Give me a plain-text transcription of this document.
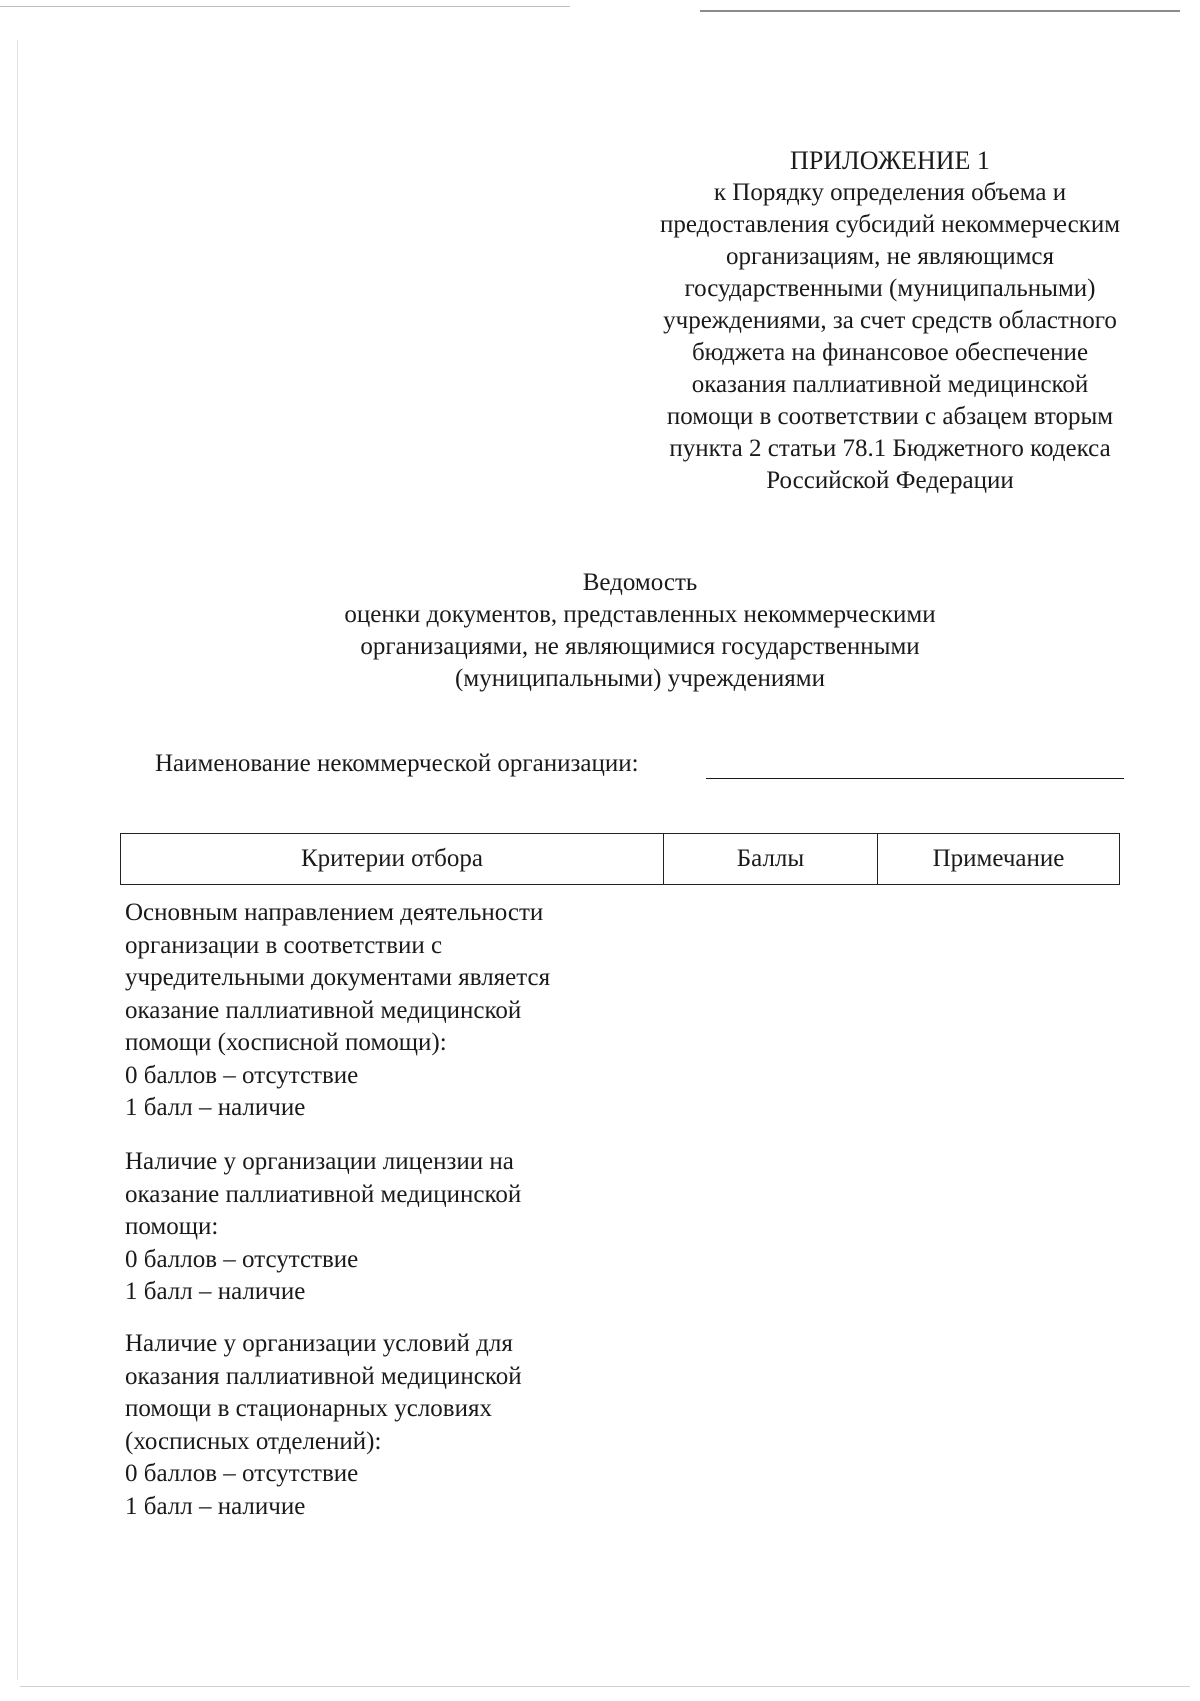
ПРИЛОЖЕНИЕ 1
к Порядку определения объема и
предоставления субсидий некоммерческим
организациям, не являющимся
государственными (муниципальными)
учреждениями, за счет средств областного
бюджета на финансовое обеспечение
оказания паллиативной медицинской
помощи в соответствии с абзацем вторым
пункта 2 статьи 78.1 Бюджетного кодекса
Российской Федерации
Ведомость
оценки документов, представленных некоммерческими
организациями, не являющимися государственными
(муниципальными) учреждениями
Наименование некоммерческой организации:
Критерии отбора	Баллы	Примечание
Основным направлением деятельности
организации в соответствии с
учредительными документами является
оказание паллиативной медицинской
помощи (хосписной помощи):
0 баллов – отсутствие
1 балл – наличие
Наличие у организации лицензии на
оказание паллиативной медицинской
помощи:
0 баллов – отсутствие
1 балл – наличие
Наличие у организации условий для
оказания паллиативной медицинской
помощи в стационарных условиях
(хосписных отделений):
0 баллов – отсутствие
1 балл – наличие
